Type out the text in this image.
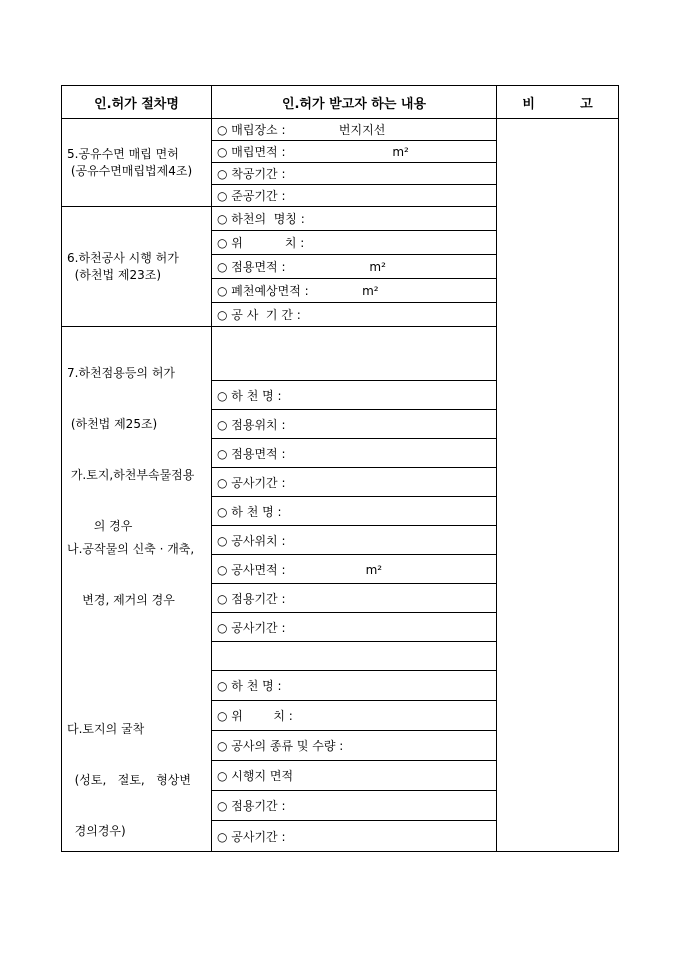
인.허가 절차명	인.허가 받고자 하는 내용	비          고
5.공유수면 매립 면허
(공유수면매립법제4조)
6.하천공사 시행 허가
(하천법 제23조)

7.하천점용등의 허가

(하천법 제25조)

가.토지,하천부속물점용

의 경우

나.공작물의 신축 · 개축,

변경, 제거의 경우

다.토지의 굴착

(성토,   절토,   형상변

경의경우)

○ 매립장소 :              번지지선
○ 매립면적 :                            m²
○ 착공기간 :
○ 준공기간 :
○ 하천의  명칭 :
○ 위           치 :
○ 점용면적 :                      m²
○ 폐천예상면적 :              m²
○ 공 사  기 간 :
○ 하 천 명 :
○ 점용위치 :
○ 점용면적 :
○ 공사기간 :
○ 하 천 명 :
○ 공사위치 :
○ 공사면적 :                     m²
○ 점용기간 :
○ 공사기간 :
○ 하 천 명 :
○ 위        치 :
○ 공사의 종류 및 수량 :
○ 시행지 면적
○ 점용기간 :
○ 공사기간 :
